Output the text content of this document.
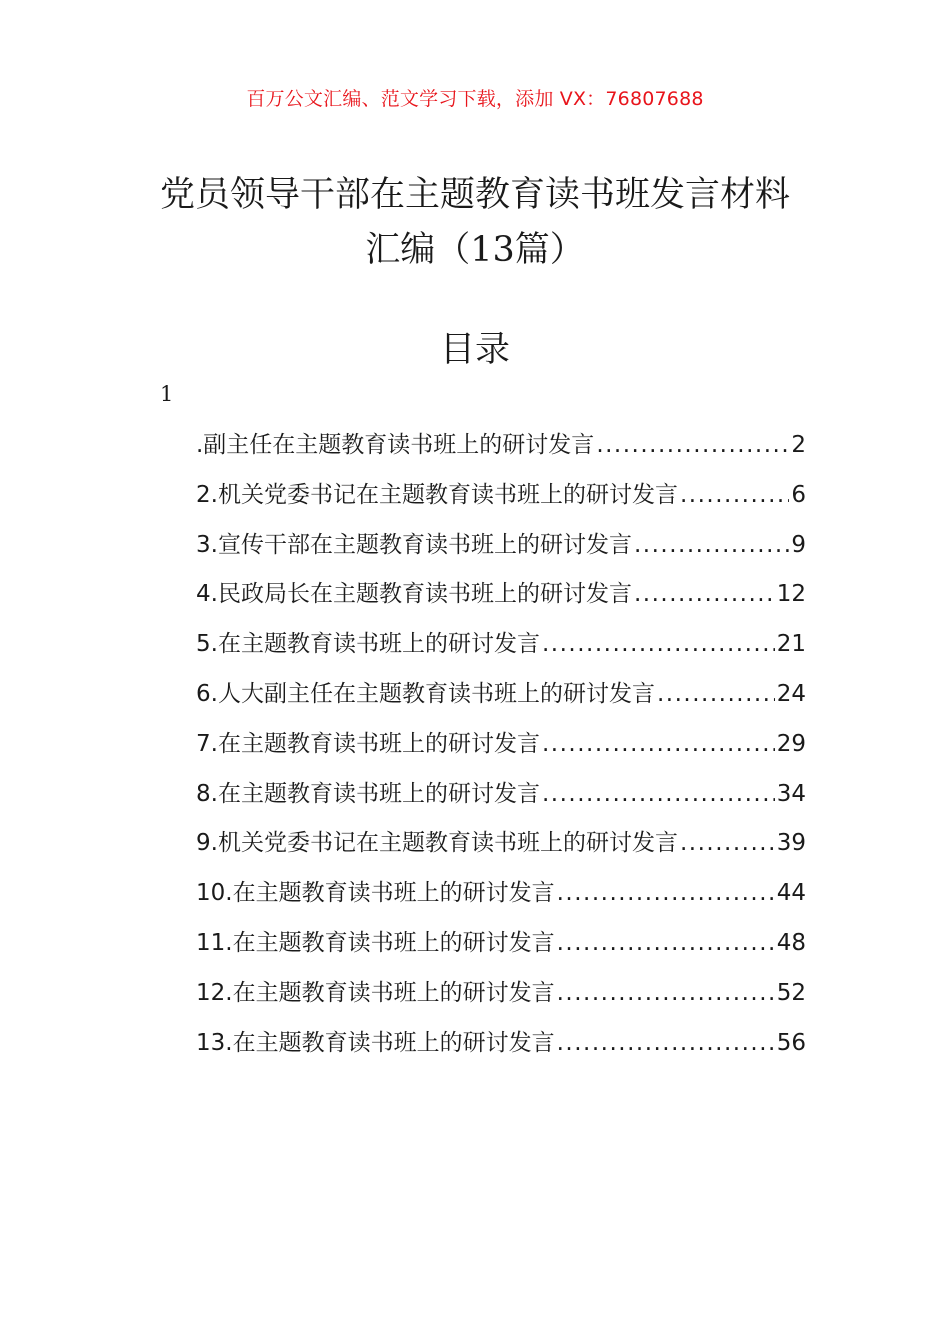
百万公文汇编、范文学习下载，添加 VX：76807688
党员领导干部在主题教育读书班发言材料
汇编（13篇）
目录
1
.副主任在主题教育读书班上的研讨发言 .....	2
2.机关党委书记在主题教育读书班上的研讨发言 .....	6
3.宣传干部在主题教育读书班上的研讨发言 .....	9
4.民政局长在主题教育读书班上的研讨发言 .....	12
5.在主题教育读书班上的研讨发言 .....	21
6.人大副主任在主题教育读书班上的研讨发言 .....	24
7.在主题教育读书班上的研讨发言 .....	29
8.在主题教育读书班上的研讨发言 .....	34
9.机关党委书记在主题教育读书班上的研讨发言 .....	39
10.在主题教育读书班上的研讨发言 .....	44
11.在主题教育读书班上的研讨发言 .....	48
12.在主题教育读书班上的研讨发言 .....	52
13.在主题教育读书班上的研讨发言 .....	56
